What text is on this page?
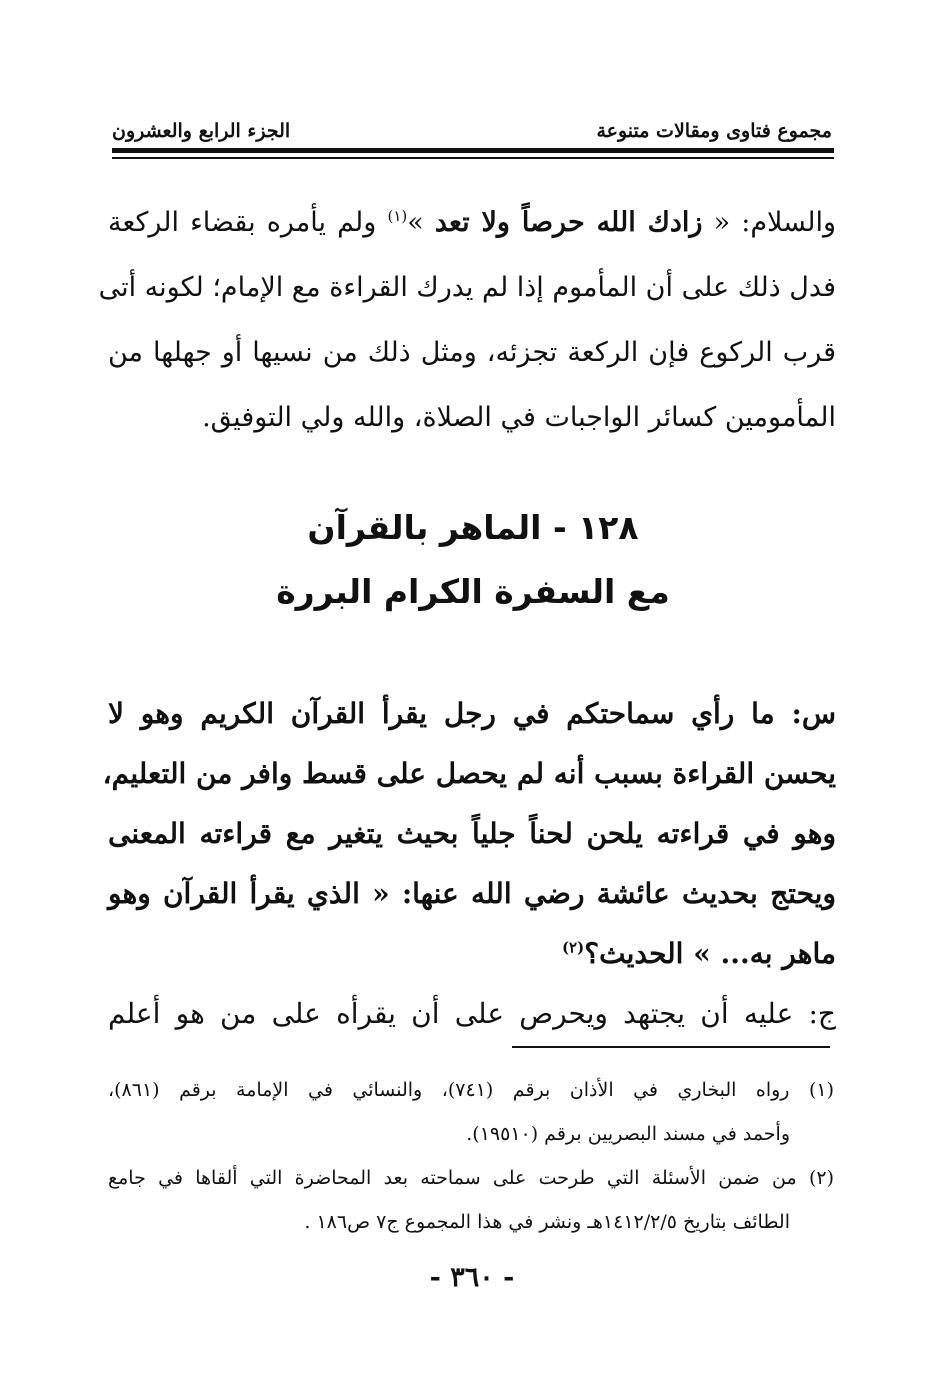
مجموع فتاوى ومقالات متنوعة
الجزء الرابع والعشرون
والسلام: « زادك الله حرصاً ولا تعد »$^{(١)}$ ولم يأمره بقضاء الركعة
فدل ذلك على أن المأموم إذا لم يدرك القراءة مع الإمام؛ لكونه أتى
قرب الركوع فإن الركعة تجزئه، ومثل ذلك من نسيها أو جهلها من
المأمومين كسائر الواجبات في الصلاة، والله ولي التوفيق.
١٢٨ - الماهر بالقرآن
مع السفرة الكرام البررة
س: ما رأي سماحتكم في رجل يقرأ القرآن الكريم وهو لا
يحسن القراءة بسبب أنه لم يحصل على قسط وافر من التعليم،
وهو في قراءته يلحن لحناً جلياً بحيث يتغير مع قراءته المعنى
ويحتج بحديث عائشة رضي الله عنها: « الذي يقرأ القرآن وهو
ماهر به... » الحديث؟$^{(٢)}$
ج: عليه أن يجتهد ويحرص على أن يقرأه على من هو أعلم
(١) رواه البخاري في الأذان برقم (٧٤١)، والنسائي في الإمامة برقم (٨٦١)،
وأحمد في مسند البصريين برقم (١٩٥١٠).
(٢) من ضمن الأسئلة التي طرحت على سماحته بعد المحاضرة التي ألقاها في جامع
الطائف بتاريخ ١٤١٢/٢/٥هـ ونشر في هذا المجموع ج٧ ص١٨٦ .
- ٣٦٠ -
